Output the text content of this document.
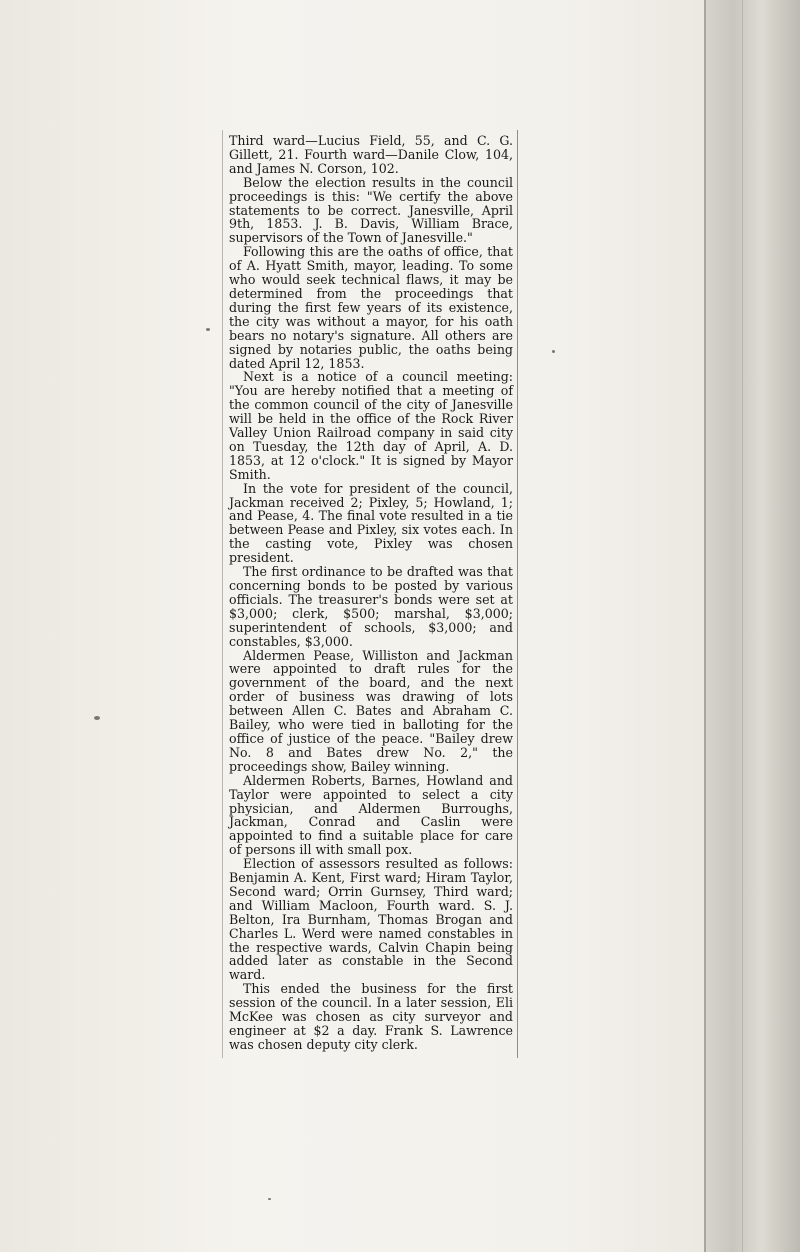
Third ward—Lucius Field, 55, and C. G. Gillett, 21. Fourth ward—Danile Clow, 104, and James N. Corson, 102.

Below the election results in the council proceedings is this: "We certify the above statements to be correct. Janesville, April 9th, 1853. J. B. Davis, William Brace, supervisors of the Town of Janesville."

Following this are the oaths of office, that of A. Hyatt Smith, mayor, leading. To some who would seek technical flaws, it may be determined from the proceedings that during the first few years of its existence, the city was without a mayor, for his oath bears no notary's signature. All others are signed by notaries public, the oaths being dated April 12, 1853.

Next is a notice of a council meeting: "You are hereby notified that a meeting of the common council of the city of Janesville will be held in the office of the Rock River Valley Union Railroad company in said city on Tuesday, the 12th day of April, A. D. 1853, at 12 o'clock." It is signed by Mayor Smith.

In the vote for president of the council, Jackman received 2; Pixley, 5; Howland, 1; and Pease, 4. The final vote resulted in a tie between Pease and Pixley, six votes each. In the casting vote, Pixley was chosen president.

The first ordinance to be drafted was that concerning bonds to be posted by various officials. The treasurer's bonds were set at $3,000; clerk, $500; marshal, $3,000; superintendent of schools, $3,000; and constables, $3,000.

Aldermen Pease, Williston and Jackman were appointed to draft rules for the government of the board, and the next order of business was drawing of lots between Allen C. Bates and Abraham C. Bailey, who were tied in balloting for the office of justice of the peace. "Bailey drew No. 8 and Bates drew No. 2," the proceedings show, Bailey winning.

Aldermen Roberts, Barnes, Howland and Taylor were appointed to select a city physician, and Aldermen Burroughs, Jackman, Conrad and Caslin were appointed to find a suitable place for care of persons ill with small pox.

Election of assessors resulted as follows: Benjamin A. Kent, First ward; Hiram Taylor, Second ward; Orrin Gurnsey, Third ward; and William Macloon, Fourth ward. S. J. Belton, Ira Burnham, Thomas Brogan and Charles L. Werd were named constables in the respective wards, Calvin Chapin being added later as constable in the Second ward.

This ended the business for the first session of the council. In a later session, Eli McKee was chosen as city surveyor and engineer at $2 a day. Frank S. Lawrence was chosen deputy city clerk.
